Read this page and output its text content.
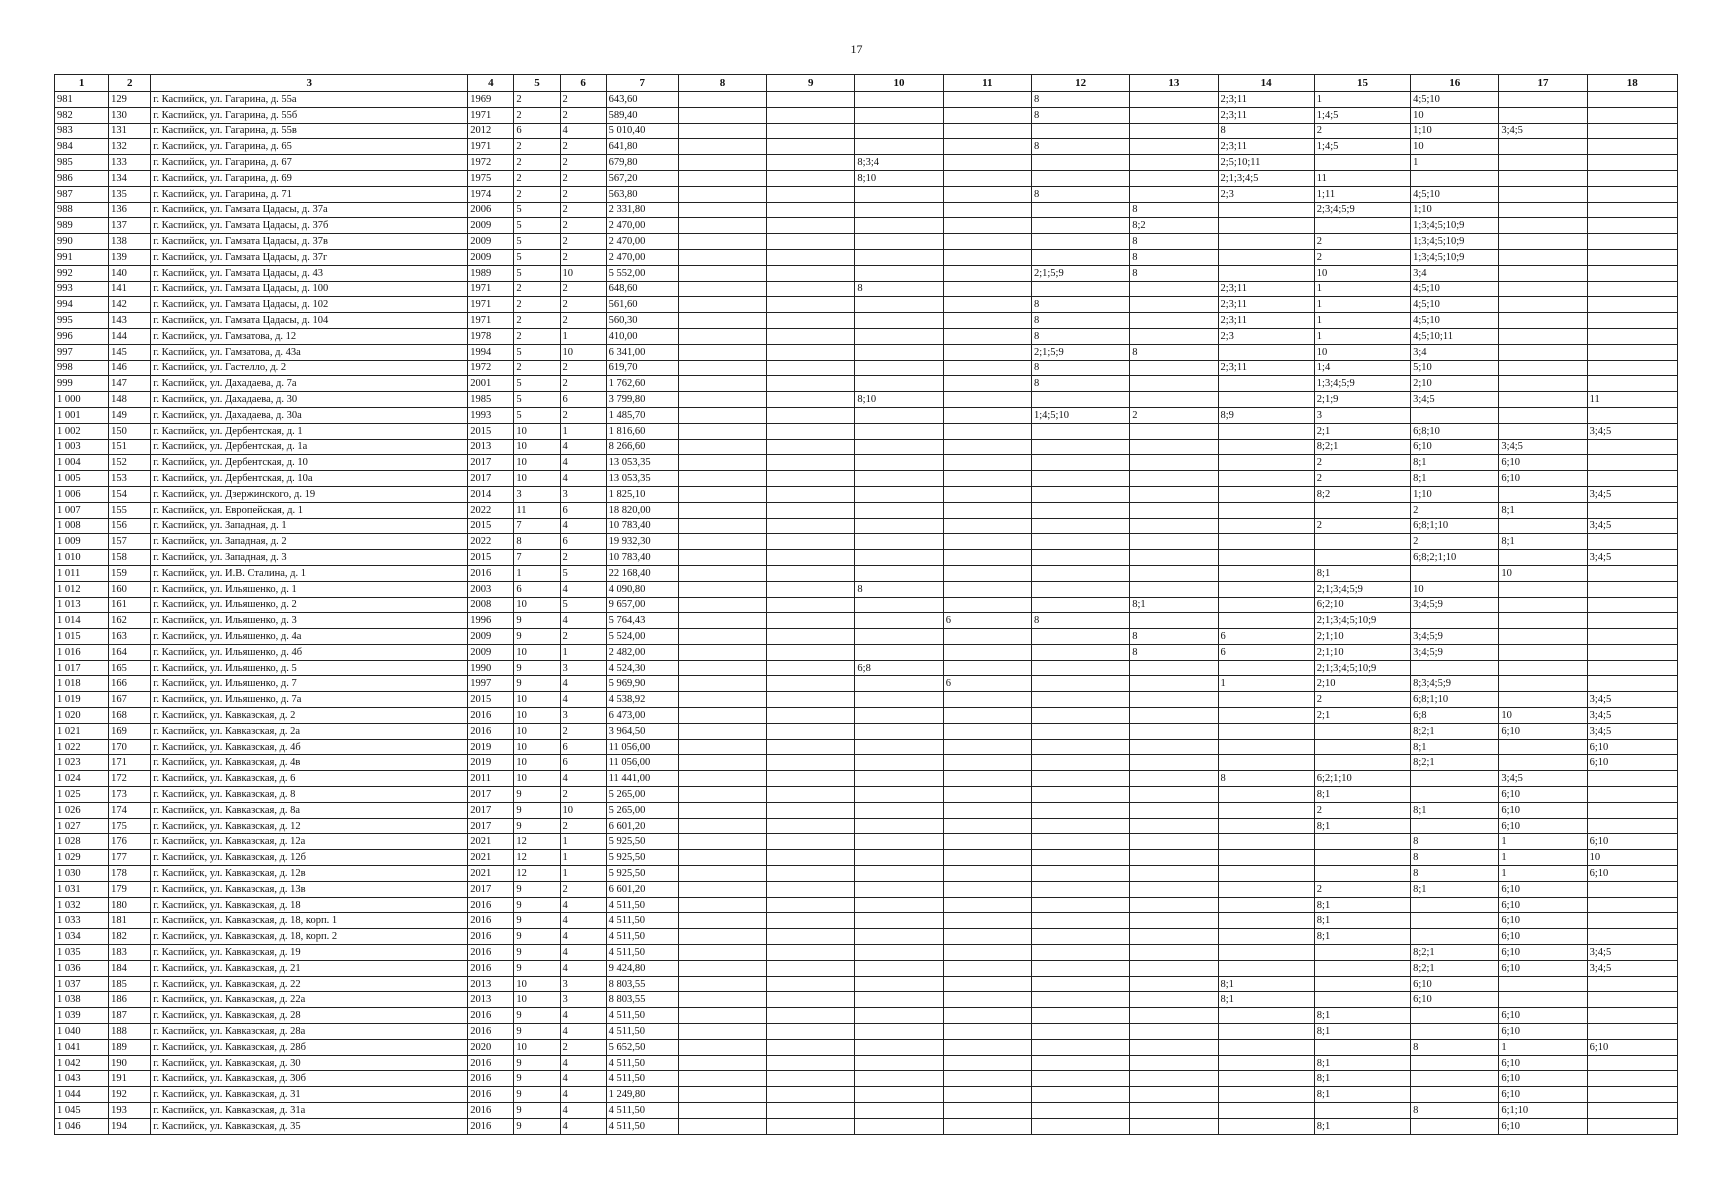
17
1	2	3	4	5	6	7	8	9	10	11	12	13	14	15	16	17	18
981	129	г. Каспийск, ул. Гагарина, д. 55а	1969	2	2	643,60					8		2;3;11	1	4;5;10		
982	130	г. Каспийск, ул. Гагарина, д. 55б	1971	2	2	589,40					8		2;3;11	1;4;5	10		
983	131	г. Каспийск, ул. Гагарина, д. 55в	2012	6	4	5 010,40							8	2	1;10	3;4;5	
984	132	г. Каспийск, ул. Гагарина, д. 65	1971	2	2	641,80					8		2;3;11	1;4;5	10		
985	133	г. Каспийск, ул. Гагарина, д. 67	1972	2	2	679,80			8;3;4				2;5;10;11		1		
986	134	г. Каспийск, ул. Гагарина, д. 69	1975	2	2	567,20			8;10				2;1;3;4;5	11			
987	135	г. Каспийск, ул. Гагарина, д. 71	1974	2	2	563,80					8		2;3	1;11	4;5;10		
988	136	г. Каспийск, ул. Гамзата Цадасы, д. 37а	2006	5	2	2 331,80						8		2;3;4;5;9	1;10		
989	137	г. Каспийск, ул. Гамзата Цадасы, д. 37б	2009	5	2	2 470,00						8;2			1;3;4;5;10;9		
990	138	г. Каспийск, ул. Гамзата Цадасы, д. 37в	2009	5	2	2 470,00						8		2	1;3;4;5;10;9		
991	139	г. Каспийск, ул. Гамзата Цадасы, д. 37г	2009	5	2	2 470,00						8		2	1;3;4;5;10;9		
992	140	г. Каспийск, ул. Гамзата Цадасы, д. 43	1989	5	10	5 552,00					2;1;5;9	8		10	3;4		
993	141	г. Каспийск, ул. Гамзата Цадасы, д. 100	1971	2	2	648,60			8				2;3;11	1	4;5;10		
994	142	г. Каспийск, ул. Гамзата Цадасы, д. 102	1971	2	2	561,60					8		2;3;11	1	4;5;10		
995	143	г. Каспийск, ул. Гамзата Цадасы, д. 104	1971	2	2	560,30					8		2;3;11	1	4;5;10		
996	144	г. Каспийск, ул. Гамзатова, д. 12	1978	2	1	410,00					8		2;3	1	4;5;10;11		
997	145	г. Каспийск, ул. Гамзатова, д. 43а	1994	5	10	6 341,00					2;1;5;9	8		10	3;4		
998	146	г. Каспийск, ул. Гастелло, д. 2	1972	2	2	619,70					8		2;3;11	1;4	5;10		
999	147	г. Каспийск, ул. Дахадаева, д. 7а	2001	5	2	1 762,60					8			1;3;4;5;9	2;10		
1 000	148	г. Каспийск, ул. Дахадаева, д. 30	1985	5	6	3 799,80			8;10					2;1;9	3;4;5		11
1 001	149	г. Каспийск, ул. Дахадаева, д. 30а	1993	5	2	1 485,70					1;4;5;10	2	8;9	3			
1 002	150	г. Каспийск, ул. Дербентская, д. 1	2015	10	1	1 816,60								2;1	6;8;10		3;4;5
1 003	151	г. Каспийск, ул. Дербентская, д. 1а	2013	10	4	8 266,60								8;2;1	6;10	3;4;5	
1 004	152	г. Каспийск, ул. Дербентская, д. 10	2017	10	4	13 053,35								2	8;1	6;10	
1 005	153	г. Каспийск, ул. Дербентская, д. 10а	2017	10	4	13 053,35								2	8;1	6;10	
1 006	154	г. Каспийск, ул. Дзержинского, д. 19	2014	3	3	1 825,10								8;2	1;10		3;4;5
1 007	155	г. Каспийск, ул. Европейская, д. 1	2022	11	6	18 820,00									2	8;1	
1 008	156	г. Каспийск, ул. Западная, д. 1	2015	7	4	10 783,40								2	6;8;1;10		3;4;5
1 009	157	г. Каспийск, ул. Западная, д. 2	2022	8	6	19 932,30									2	8;1	
1 010	158	г. Каспийск, ул. Западная, д. 3	2015	7	2	10 783,40									6;8;2;1;10		3;4;5
1 011	159	г. Каспийск, ул. И.В. Сталина, д. 1	2016	1	5	22 168,40								8;1		10	
1 012	160	г. Каспийск, ул. Ильяшенко, д. 1	2003	6	4	4 090,80			8					2;1;3;4;5;9	10		
1 013	161	г. Каспийск, ул. Ильяшенко, д. 2	2008	10	5	9 657,00						8;1		6;2;10	3;4;5;9		
1 014	162	г. Каспийск, ул. Ильяшенко, д. 3	1996	9	4	5 764,43				6	8			2;1;3;4;5;10;9			
1 015	163	г. Каспийск, ул. Ильяшенко, д. 4а	2009	9	2	5 524,00						8	6	2;1;10	3;4;5;9		
1 016	164	г. Каспийск, ул. Ильяшенко, д. 4б	2009	10	1	2 482,00						8	6	2;1;10	3;4;5;9		
1 017	165	г. Каспийск, ул. Ильяшенко, д. 5	1990	9	3	4 524,30			6;8					2;1;3;4;5;10;9			
1 018	166	г. Каспийск, ул. Ильяшенко, д. 7	1997	9	4	5 969,90				6			1	2;10	8;3;4;5;9		
1 019	167	г. Каспийск, ул. Ильяшенко, д. 7а	2015	10	4	4 538,92								2	6;8;1;10		3;4;5
1 020	168	г. Каспийск, ул. Кавказская, д. 2	2016	10	3	6 473,00								2;1	6;8	10	3;4;5
1 021	169	г. Каспийск, ул. Кавказская, д. 2а	2016	10	2	3 964,50									8;2;1	6;10	3;4;5
1 022	170	г. Каспийск, ул. Кавказская, д. 4б	2019	10	6	11 056,00									8;1		6;10
1 023	171	г. Каспийск, ул. Кавказская, д. 4в	2019	10	6	11 056,00									8;2;1		6;10
1 024	172	г. Каспийск, ул. Кавказская, д. 6	2011	10	4	11 441,00							8	6;2;1;10		3;4;5	
1 025	173	г. Каспийск, ул. Кавказская, д. 8	2017	9	2	5 265,00								8;1		6;10	
1 026	174	г. Каспийск, ул. Кавказская, д. 8а	2017	9	10	5 265,00								2	8;1	6;10	
1 027	175	г. Каспийск, ул. Кавказская, д. 12	2017	9	2	6 601,20								8;1		6;10	
1 028	176	г. Каспийск, ул. Кавказская, д. 12а	2021	12	1	5 925,50									8	1	6;10
1 029	177	г. Каспийск, ул. Кавказская, д. 12б	2021	12	1	5 925,50									8	1	10
1 030	178	г. Каспийск, ул. Кавказская, д. 12в	2021	12	1	5 925,50									8	1	6;10
1 031	179	г. Каспийск, ул. Кавказская, д. 13в	2017	9	2	6 601,20								2	8;1	6;10	
1 032	180	г. Каспийск, ул. Кавказская, д. 18	2016	9	4	4 511,50								8;1		6;10	
1 033	181	г. Каспийск, ул. Кавказская, д. 18, корп. 1	2016	9	4	4 511,50								8;1		6;10	
1 034	182	г. Каспийск, ул. Кавказская, д. 18, корп. 2	2016	9	4	4 511,50								8;1		6;10	
1 035	183	г. Каспийск, ул. Кавказская, д. 19	2016	9	4	4 511,50									8;2;1	6;10	3;4;5
1 036	184	г. Каспийск, ул. Кавказская, д. 21	2016	9	4	9 424,80									8;2;1	6;10	3;4;5
1 037	185	г. Каспийск, ул. Кавказская, д. 22	2013	10	3	8 803,55							8;1		6;10		
1 038	186	г. Каспийск, ул. Кавказская, д. 22а	2013	10	3	8 803,55							8;1		6;10		
1 039	187	г. Каспийск, ул. Кавказская, д. 28	2016	9	4	4 511,50								8;1		6;10	
1 040	188	г. Каспийск, ул. Кавказская, д. 28а	2016	9	4	4 511,50								8;1		6;10	
1 041	189	г. Каспийск, ул. Кавказская, д. 28б	2020	10	2	5 652,50									8	1	6;10
1 042	190	г. Каспийск, ул. Кавказская, д. 30	2016	9	4	4 511,50								8;1		6;10	
1 043	191	г. Каспийск, ул. Кавказская, д. 30б	2016	9	4	4 511,50								8;1		6;10	
1 044	192	г. Каспийск, ул. Кавказская, д. 31	2016	9	4	1 249,80								8;1		6;10	
1 045	193	г. Каспийск, ул. Кавказская, д. 31а	2016	9	4	4 511,50									8	6;1;10	
1 046	194	г. Каспийск, ул. Кавказская, д. 35	2016	9	4	4 511,50								8;1		6;10	
